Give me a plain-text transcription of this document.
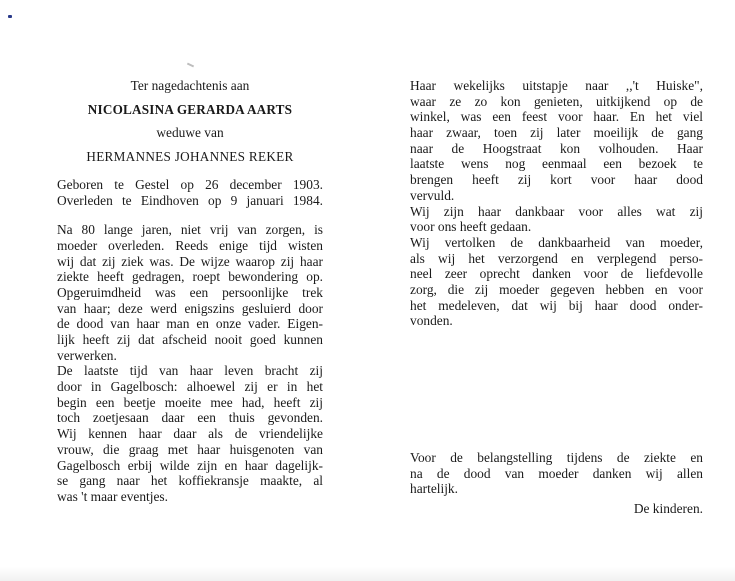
Ter nagedachtenis aan
NICOLASINA GERARDA AARTS
weduwe van
HERMANNES JOHANNES REKER
Geboren te Gestel op 26 december 1903.
Overleden te Eindhoven op 9 januari 1984.
Na 80 lange jaren, niet vrij van zorgen, is
moeder overleden. Reeds enige tijd wisten
wij dat zij ziek was. De wijze waarop zij haar
ziekte heeft gedragen, roept bewondering op.
Opgeruimdheid was een persoonlijke trek
van haar; deze werd enigszins gesluierd door
de dood van haar man en onze vader. Eigen-
lijk heeft zij dat afscheid nooit goed kunnen
verwerken.
De laatste tijd van haar leven bracht zij
door in Gagelbosch: alhoewel zij er in het
begin een beetje moeite mee had, heeft zij
toch zoetjesaan daar een thuis gevonden.
Wij kennen haar daar als de vriendelijke
vrouw, die graag met haar huisgenoten van
Gagelbosch erbij wilde zijn en haar dagelijk-
se gang naar het koffiekransje maakte, al
was 't maar eventjes.
Haar wekelijks uitstapje naar ,,'t Huiske",
waar ze zo kon genieten, uitkijkend op de
winkel, was een feest voor haar. En het viel
haar zwaar, toen zij later moeilijk de gang
naar de Hoogstraat kon volhouden. Haar
laatste wens nog eenmaal een bezoek te
brengen heeft zij kort voor haar dood
vervuld.
Wij zijn haar dankbaar voor alles wat zij
voor ons heeft gedaan.
Wij vertolken de dankbaarheid van moeder,
als wij het verzorgend en verplegend perso-
neel zeer oprecht danken voor de liefdevolle
zorg, die zij moeder gegeven hebben en voor
het medeleven, dat wij bij haar dood onder-
vonden.
Voor de belangstelling tijdens de ziekte en
na de dood van moeder danken wij allen
hartelijk.
De kinderen.
